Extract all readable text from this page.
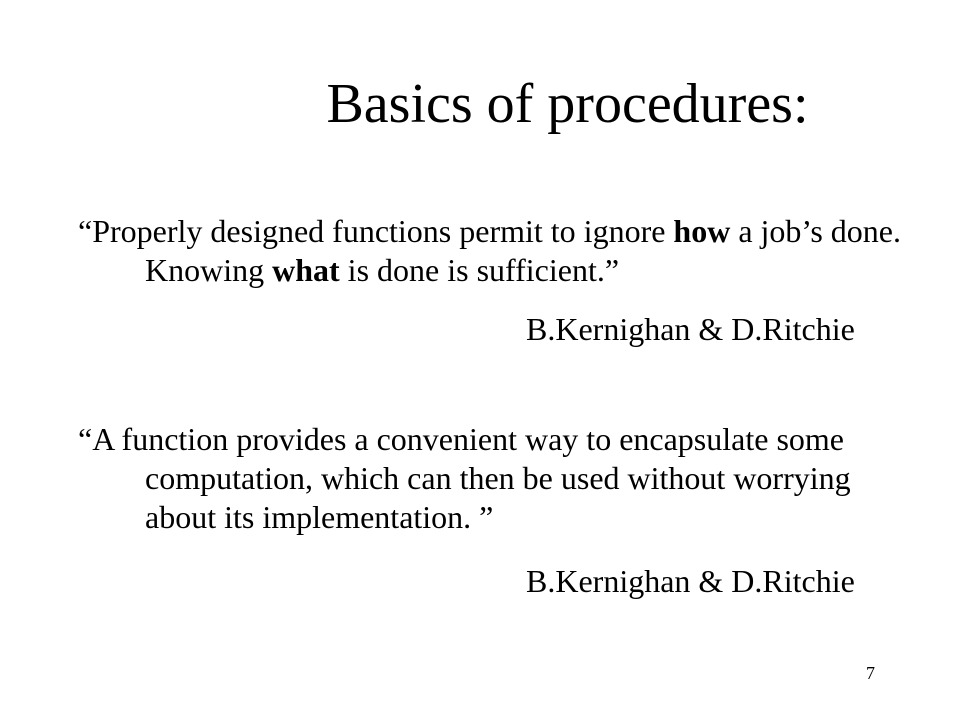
Basics of procedures:

“Properly designed functions permit to ignore how a job’s done. Knowing what is done is sufficient.”

B.Kernighan & D.Ritchie

“A function provides a convenient way to encapsulate some computation, which can then be used without worrying about its implementation. ”

B.Kernighan & D.Ritchie

7
